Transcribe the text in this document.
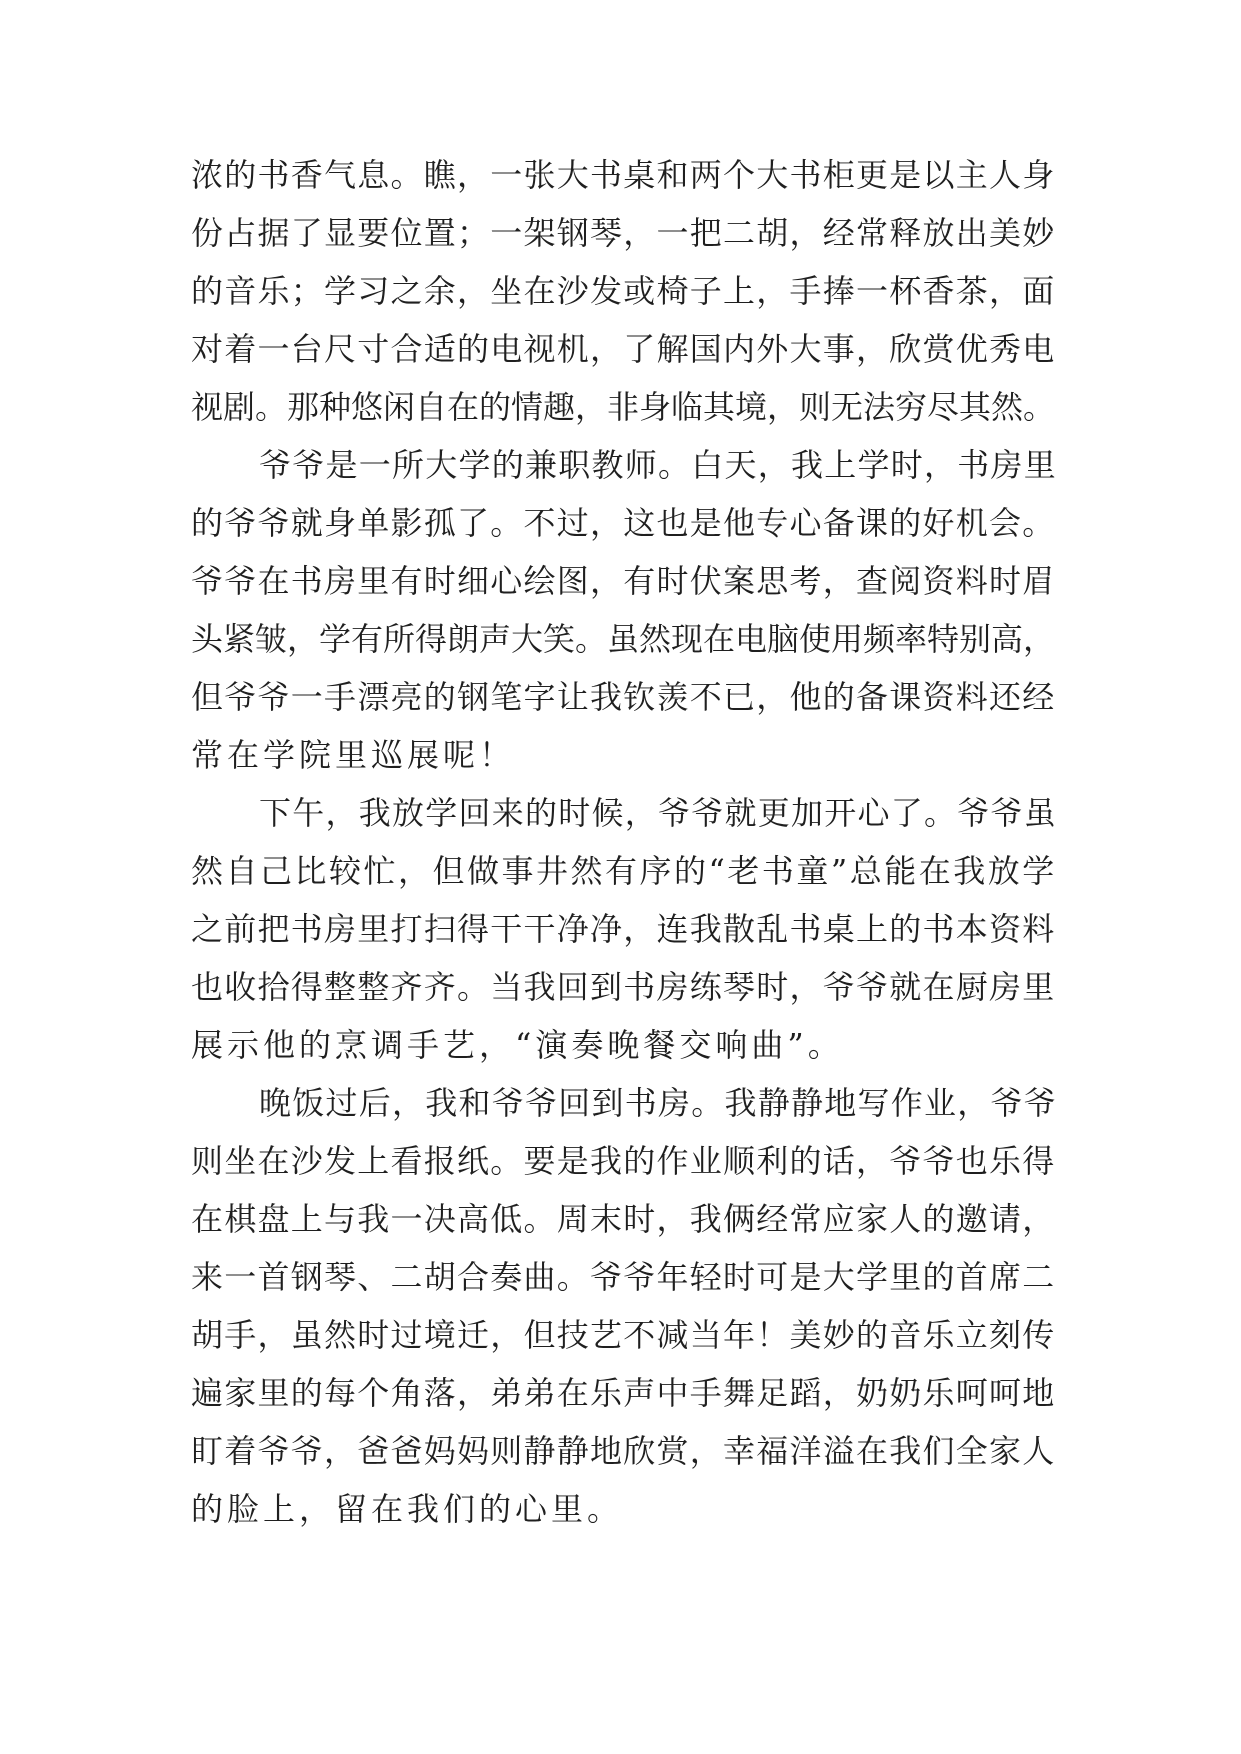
浓的书香气息。瞧，一张大书桌和两个大书柜更是以主人身
份占据了显要位置；一架钢琴，一把二胡，经常释放出美妙
的音乐；学习之余，坐在沙发或椅子上，手捧一杯香茶，面
对着一台尺寸合适的电视机，了解国内外大事，欣赏优秀电
视剧。那种悠闲自在的情趣，非身临其境，则无法穷尽其然。
爷爷是一所大学的兼职教师。白天，我上学时，书房里
的爷爷就身单影孤了。不过，这也是他专心备课的好机会。
爷爷在书房里有时细心绘图，有时伏案思考，查阅资料时眉
头紧皱，学有所得朗声大笑。虽然现在电脑使用频率特别高，
但爷爷一手漂亮的钢笔字让我钦羡不已，他的备课资料还经
常在学院里巡展呢！
下午，我放学回来的时候，爷爷就更加开心了。爷爷虽
然自己比较忙，但做事井然有序的“老书童”总能在我放学
之前把书房里打扫得干干净净，连我散乱书桌上的书本资料
也收拾得整整齐齐。当我回到书房练琴时，爷爷就在厨房里
展示他的烹调手艺，“演奏晚餐交响曲”。
晚饭过后，我和爷爷回到书房。我静静地写作业，爷爷
则坐在沙发上看报纸。要是我的作业顺利的话，爷爷也乐得
在棋盘上与我一决高低。周末时，我俩经常应家人的邀请，
来一首钢琴、二胡合奏曲。爷爷年轻时可是大学里的首席二
胡手，虽然时过境迁，但技艺不减当年！美妙的音乐立刻传
遍家里的每个角落，弟弟在乐声中手舞足蹈，奶奶乐呵呵地
盯着爷爷，爸爸妈妈则静静地欣赏，幸福洋溢在我们全家人
的脸上，留在我们的心里。
